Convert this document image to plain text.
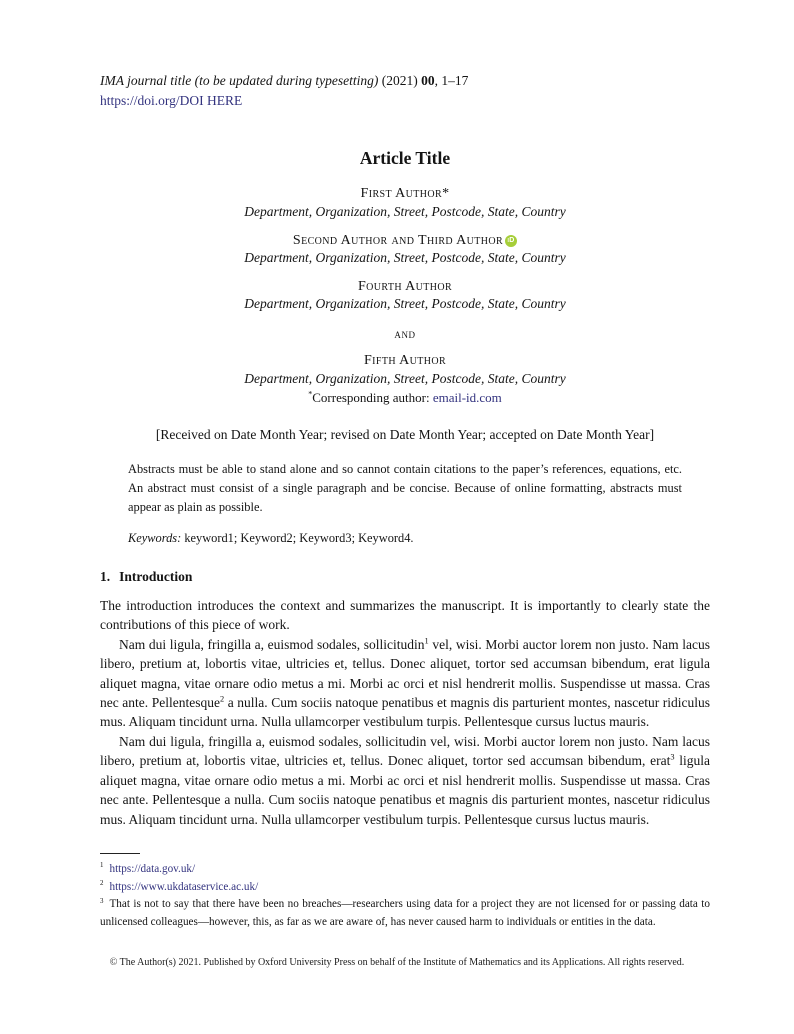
IMA journal title (to be updated during typesetting) (2021) 00, 1–17
https://doi.org/DOI HERE
Article Title
First Author*
Department, Organization, Street, Postcode, State, Country
Second Author and Third Author iD
Department, Organization, Street, Postcode, State, Country
Fourth Author
Department, Organization, Street, Postcode, State, Country
and
Fifth Author
Department, Organization, Street, Postcode, State, Country
*Corresponding author: email-id.com
[Received on Date Month Year; revised on Date Month Year; accepted on Date Month Year]
Abstracts must be able to stand alone and so cannot contain citations to the paper’s references, equations, etc. An abstract must consist of a single paragraph and be concise. Because of online formatting, abstracts must appear as plain as possible.
Keywords: keyword1; Keyword2; Keyword3; Keyword4.
1. Introduction

The introduction introduces the context and summarizes the manuscript. It is importantly to clearly state the contributions of this piece of work.

Nam dui ligula, fringilla a, euismod sodales, sollicitudin$^1$ vel, wisi. Morbi auctor lorem non justo. Nam lacus libero, pretium at, lobortis vitae, ultricies et, tellus. Donec aliquet, tortor sed accumsan bibendum, erat ligula aliquet magna, vitae ornare odio metus a mi. Morbi ac orci et nisl hendrerit mollis. Suspendisse ut massa. Cras nec ante. Pellentesque$^2$ a nulla. Cum sociis natoque penatibus et magnis dis parturient montes, nascetur ridiculus mus. Aliquam tincidunt urna. Nulla ullamcorper vestibulum turpis. Pellentesque cursus luctus mauris.

Nam dui ligula, fringilla a, euismod sodales, sollicitudin vel, wisi. Morbi auctor lorem non justo. Nam lacus libero, pretium at, lobortis vitae, ultricies et, tellus. Donec aliquet, tortor sed accumsan bibendum, erat$^3$ ligula aliquet magna, vitae ornare odio metus a mi. Morbi ac orci et nisl hendrerit mollis. Suspendisse ut massa. Cras nec ante. Pellentesque a nulla. Cum sociis natoque penatibus et magnis dis parturient montes, nascetur ridiculus mus. Aliquam tincidunt urna. Nulla ullamcorper vestibulum turpis. Pellentesque cursus luctus mauris.

$^1$ https://data.gov.uk/
$^2$ https://www.ukdataservice.ac.uk/
$^3$ That is not to say that there have been no breaches—researchers using data for a project they are not licensed for or passing data to unlicensed colleagues—however, this, as far as we are aware of, has never caused harm to individuals or entities in the data.
© The Author(s) 2021. Published by Oxford University Press on behalf of the Institute of Mathematics and its Applications. All rights reserved.
